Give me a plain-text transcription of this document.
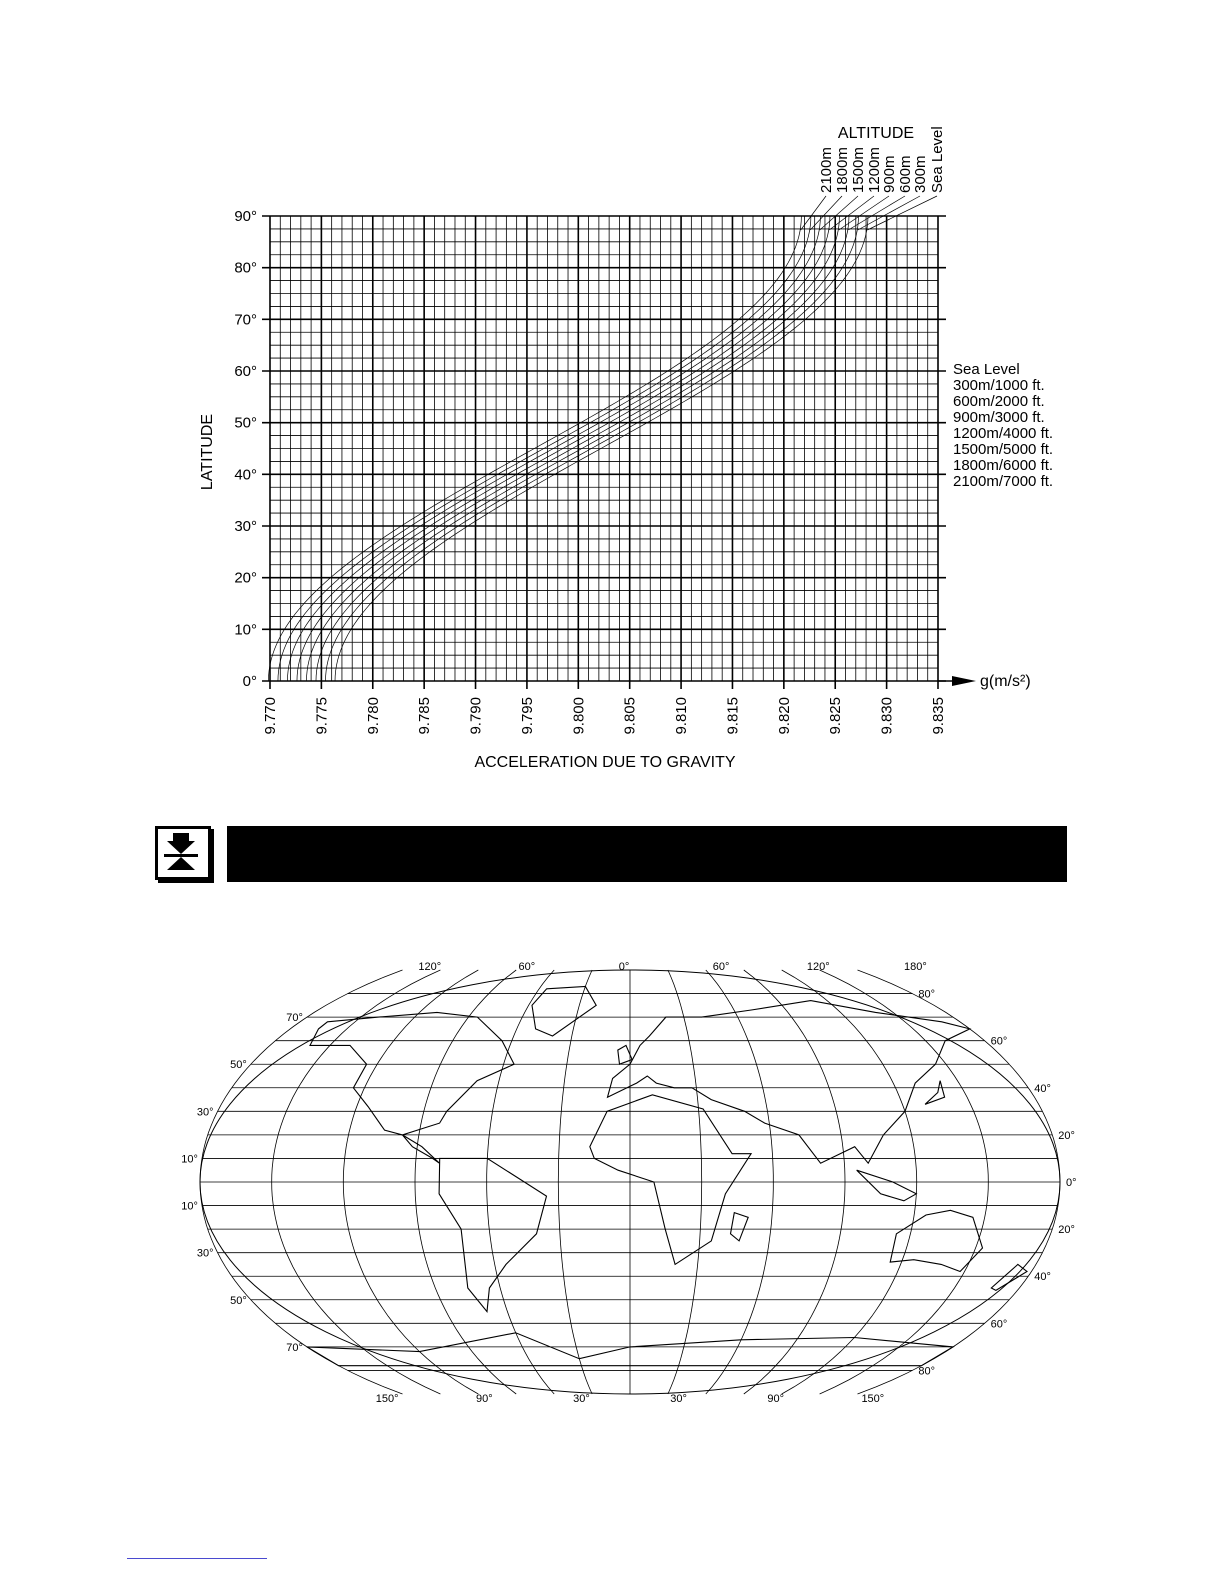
9.770 9.775 9.780 9.785 9.790 9.795 9.800 9.805 9.810 9.815 9.820 9.825 9.830 9.835
0°
10°
20°
30°
40°
50°
60°
70°
80°
90°
2100m 1800m 1500m 1200m
900m 600m
300m Sea Level
Sea Level
300m/1000 ft.
600m/2000 ft.
900m/3000 ft.
1200m/4000 ft.
1500m/5000 ft.
1800m/6000 ft.
2100m/7000 ft.
ALTITUDE
LATITUDE
ACCELERATION DUE TO GRAVITY
g(m/s²)
120°	60°	0°	60°	120°	180°
150°	90°	30°	30°	90°	150°
70°
50°
30°
10°
10°
30°
50°
70°
80°
60°
40°
20°
0°
20°
40°
60°
80°
